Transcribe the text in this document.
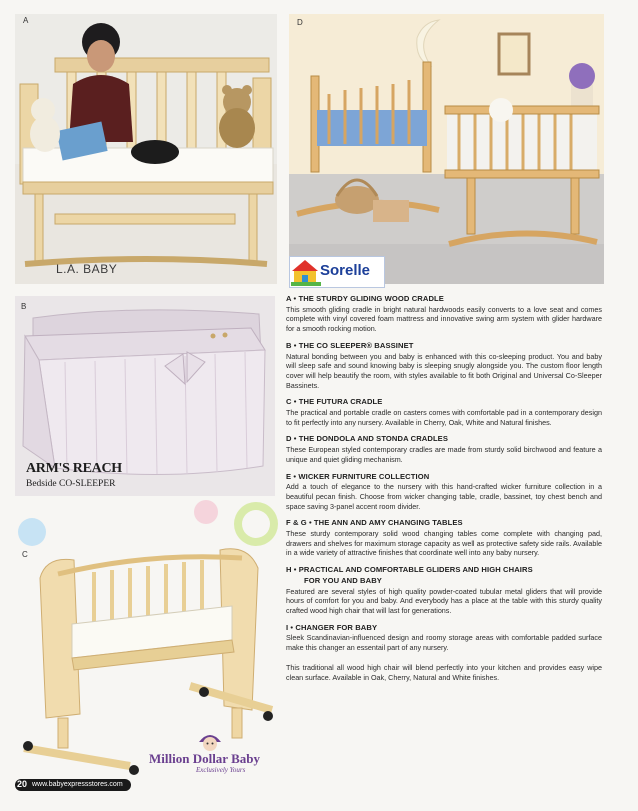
A
L.A. BABY
D
Sorelle
B
ARM'S REACH
Bedside CO-SLEEPER
C
Million Dollar Baby
Exclusively Yours
A • THE STURDY GLIDING WOOD CRADLE
This smooth gliding cradle in bright natural hardwoods easily converts to a love seat and comes complete with vinyl covered foam mattress and innovative swing arm system with glider hardware for a smooth rocking motion.
B • THE CO SLEEPER® BASSINET
Natural bonding between you and baby is enhanced with this co-sleeping product. You and baby will sleep safe and sound knowing baby is sleeping snugly alongside you. The custom floor length cover will help beautify the room, with styles available to fit both Original and Universal Co-Sleeper Bassinets.
C • THE FUTURA CRADLE
The practical and portable cradle on casters comes with comfortable pad in a contemporary design to fit perfectly into any nursery. Available in Cherry, Oak, White and Natural finishes.
D • THE DONDOLA AND STONDA CRADLES
These European styled contemporary cradles are made from sturdy solid birchwood and feature a unique and quiet gliding mechanism.
E • WICKER FURNITURE COLLECTION
Add a touch of elegance to the nursery with this hand-crafted wicker furniture collection in a beautiful pecan finish. Choose from wicker changing table, cradle, bassinet, toy chest bench and space saving 3-panel accent room divider.
F & G • THE ANN AND AMY CHANGING TABLES
These sturdy contemporary solid wood changing tables come complete with changing pad, drawers and shelves for maximum storage capacity as well as protective safety side rails. Available in a wide variety of attractive finishes that coordinate well into any baby nursery.
H • PRACTICAL AND COMFORTABLE GLIDERS AND HIGH CHAIRS
FOR YOU AND BABY
Featured are several styles of high quality powder-coated tubular metal gliders that will provide hours of comfort for you and baby. And everybody has a place at the table with this sturdy quality crafted wood high chair that will last for generations.
I • CHANGER FOR BABY
Sleek Scandinavian-influenced design and roomy storage areas with comfortable padded surface make this changer an essentail part of any nursery.
This traditional all wood high chair will blend perfectly into your kitchen and provides easy wipe clean surface. Available in Oak, Cherry, Natural and White finishes.
20 www.babyexpressstores.com
